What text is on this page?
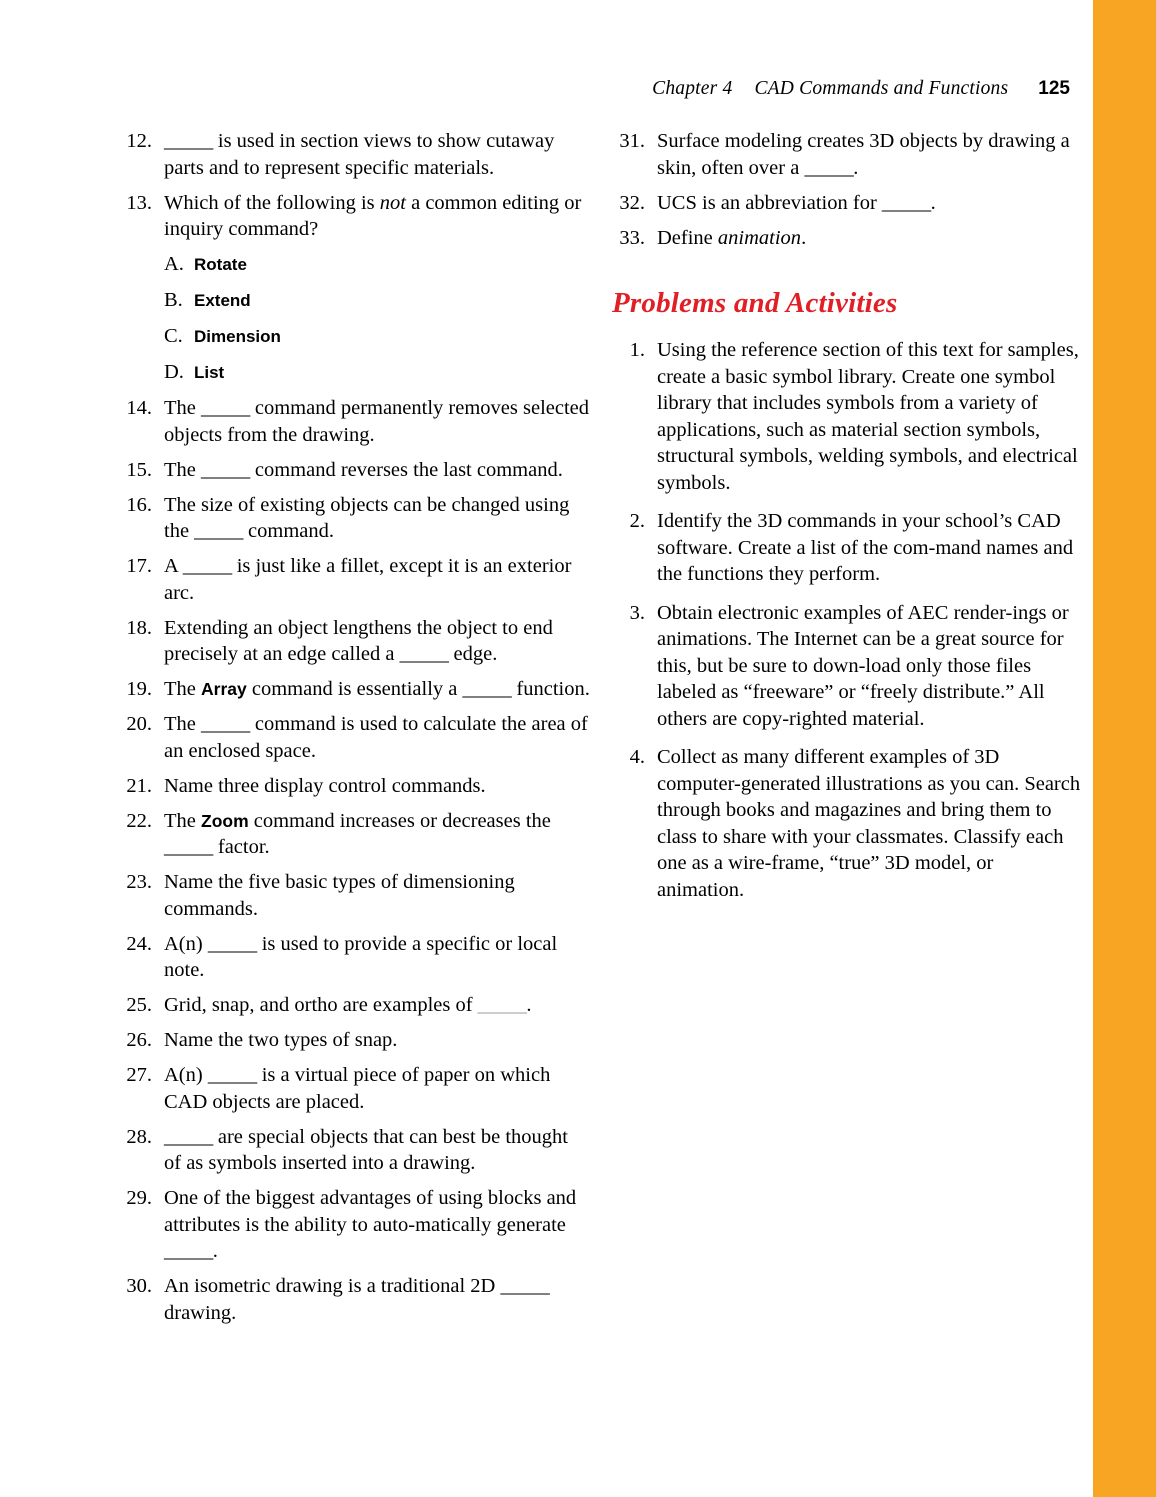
Chapter 4 CAD Commands and Functions 125
12. _____ is used in section views to show cutaway parts and to represent specific materials.
13. Which of the following is not a common editing or inquiry command?
A. Rotate
B. Extend
C. Dimension
D. List
14. The _____ command permanently removes selected objects from the drawing.
15. The _____ command reverses the last command.
16. The size of existing objects can be changed using the _____ command.
17. A _____ is just like a fillet, except it is an exterior arc.
18. Extending an object lengthens the object to end precisely at an edge called a _____ edge.
19. The Array command is essentially a _____ function.
20. The _____ command is used to calculate the area of an enclosed space.
21. Name three display control commands.
22. The Zoom command increases or decreases the _____ factor.
23. Name the five basic types of dimensioning commands.
24. A(n) _____ is used to provide a specific or local note.
25. Grid, snap, and ortho are examples of _____.
26. Name the two types of snap.
27. A(n) _____ is a virtual piece of paper on which CAD objects are placed.
28. _____ are special objects that can best be thought of as symbols inserted into a drawing.
29. One of the biggest advantages of using blocks and attributes is the ability to auto-matically generate _____.
30. An isometric drawing is a traditional 2D _____ drawing.
31. Surface modeling creates 3D objects by drawing a skin, often over a _____.
32. UCS is an abbreviation for _____.
33. Define animation.
Problems and Activities
1. Using the reference section of this text for samples, create a basic symbol library. Create one symbol library that includes symbols from a variety of applications, such as material section symbols, structural symbols, welding symbols, and electrical symbols.
2. Identify the 3D commands in your school’s CAD software. Create a list of the com-mand names and the functions they perform.
3. Obtain electronic examples of AEC render-ings or animations. The Internet can be a great source for this, but be sure to down-load only those files labeled as “freeware” or “freely distribute.” All others are copy-righted material.
4. Collect as many different examples of 3D computer-generated illustrations as you can. Search through books and magazines and bring them to class to share with your classmates. Classify each one as a wire-frame, “true” 3D model, or animation.
